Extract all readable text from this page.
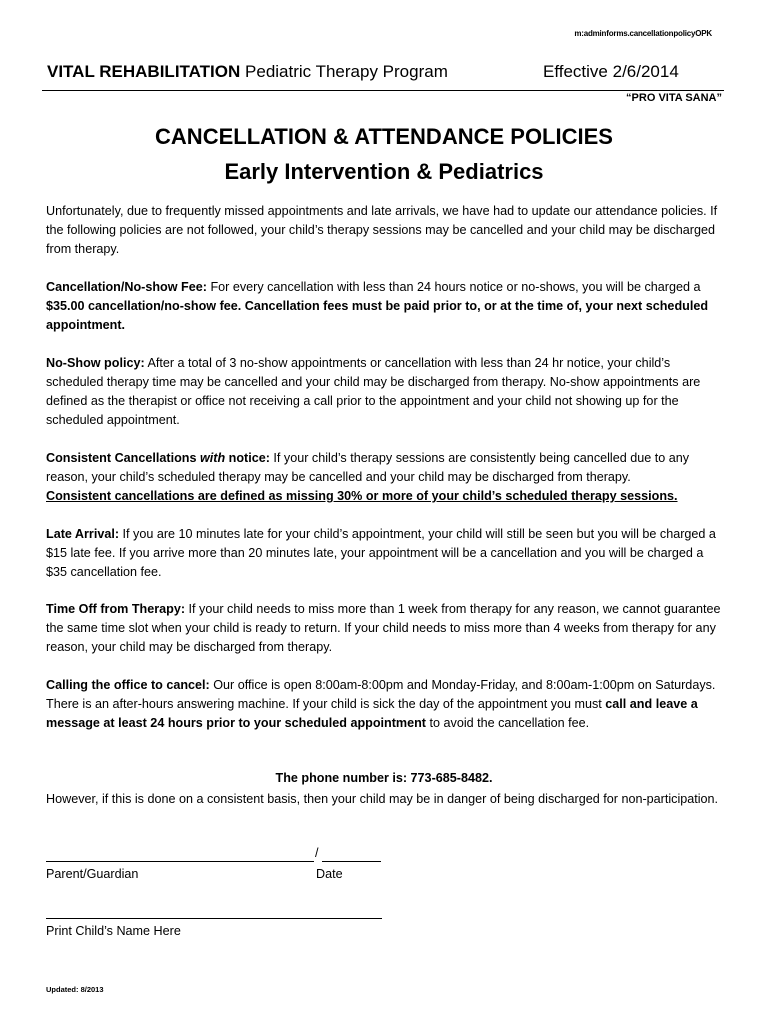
m:adminforms.cancellationpolicyOPK
VITAL REHABILITATION Pediatric Therapy Program	Effective 2/6/2014
“PRO VITA SANA”
CANCELLATION & ATTENDANCE POLICIES
Early Intervention & Pediatrics
Unfortunately, due to frequently missed appointments and late arrivals, we have had to update our attendance policies. If the following policies are not followed, your child’s therapy sessions may be cancelled and your child may be discharged from therapy.
Cancellation/No-show Fee: For every cancellation with less than 24 hours notice or no-shows, you will be charged a $35.00 cancellation/no-show fee. Cancellation fees must be paid prior to, or at the time of, your next scheduled appointment.
No-Show policy: After a total of 3 no-show appointments or cancellation with less than 24 hr notice, your child’s scheduled therapy time may be cancelled and your child may be discharged from therapy. No-show appointments are defined as the therapist or office not receiving a call prior to the appointment and your child not showing up for the scheduled appointment.
Consistent Cancellations with notice: If your child’s therapy sessions are consistently being cancelled due to any reason, your child’s scheduled therapy may be cancelled and your child may be discharged from therapy.
Consistent cancellations are defined as missing 30% or more of your child’s scheduled therapy sessions.
Late Arrival: If you are 10 minutes late for your child’s appointment, your child will still be seen but you will be charged a $15 late fee. If you arrive more than 20 minutes late, your appointment will be a cancellation and you will be charged a $35 cancellation fee.
Time Off from Therapy: If your child needs to miss more than 1 week from therapy for any reason, we cannot guarantee the same time slot when your child is ready to return. If your child needs to miss more than 4 weeks from therapy for any reason, your child may be discharged from therapy.
Calling the office to cancel: Our office is open 8:00am-8:00pm and Monday-Friday, and 8:00am-1:00pm on Saturdays. There is an after-hours answering machine. If your child is sick the day of the appointment you must call and leave a message at least 24 hours prior to your scheduled appointment to avoid the cancellation fee.
The phone number is: 773-685-8482.
However, if this is done on a consistent basis, then your child may be in danger of being discharged for non-participation.
/
Parent/Guardian	Date
Print Child’s Name Here
Updated: 8/2013
